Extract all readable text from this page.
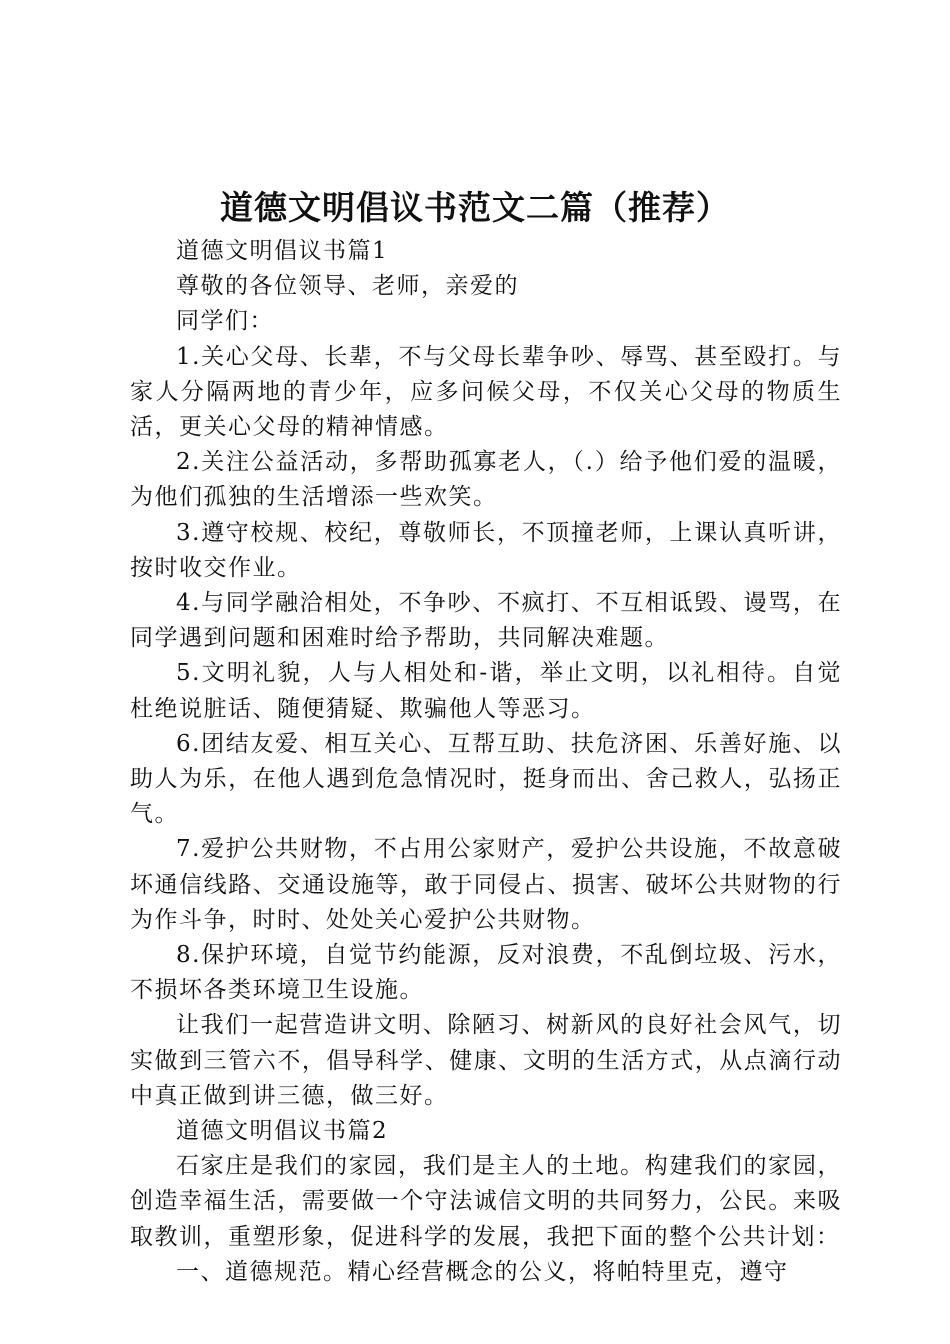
道德文明倡议书范文二篇（推荐）

道德文明倡议书篇1

尊敬的各位领导、老师，亲爱的

同学们：

1.关心父母、长辈，不与父母长辈争吵、辱骂、甚至殴打。与家人分隔两地的青少年，应多问候父母，不仅关心父母的物质生活，更关心父母的精神情感。

2.关注公益活动，多帮助孤寡老人，（.）给予他们爱的温暖，为他们孤独的生活增添一些欢笑。

3.遵守校规、校纪，尊敬师长，不顶撞老师，上课认真听讲，按时收交作业。

4.与同学融洽相处，不争吵、不疯打、不互相诋毁、谩骂，在同学遇到问题和困难时给予帮助，共同解决难题。

5.文明礼貌，人与人相处和-谐，举止文明，以礼相待。自觉杜绝说脏话、随便猜疑、欺骗他人等恶习。

6.团结友爱、相互关心、互帮互助、扶危济困、乐善好施、以助人为乐，在他人遇到危急情况时，挺身而出、舍己救人，弘扬正气。

7.爱护公共财物，不占用公家财产，爱护公共设施，不故意破坏通信线路、交通设施等，敢于同侵占、损害、破坏公共财物的行为作斗争，时时、处处关心爱护公共财物。

8.保护环境，自觉节约能源，反对浪费，不乱倒垃圾、污水，不损坏各类环境卫生设施。

让我们一起营造讲文明、除陋习、树新风的良好社会风气，切实做到三管六不，倡导科学、健康、文明的生活方式，从点滴行动中真正做到讲三德，做三好。

道德文明倡议书篇2

石家庄是我们的家园，我们是主人的土地。构建我们的家园，创造幸福生活，需要做一个守法诚信文明的共同努力，公民。来吸取教训，重塑形象，促进科学的发展，我把下面的整个公共计划：

一、道德规范。精心经营概念的公义，将帕特里克，遵守
